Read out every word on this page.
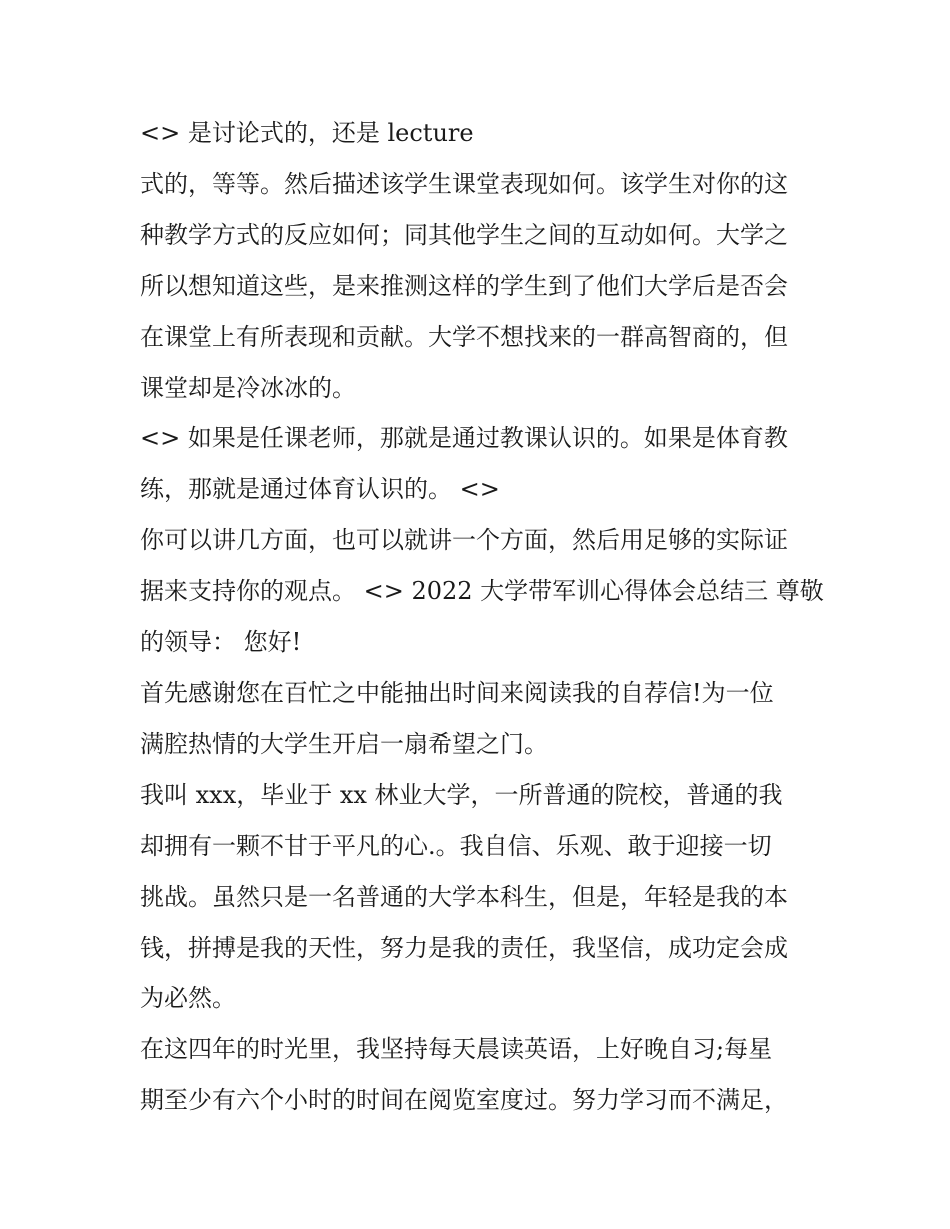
<> 是讨论式的，还是 lecture

式的，等等。然后描述该学生课堂表现如何。该学生对你的这
种教学方式的反应如何；同其他学生之间的互动如何。大学之
所以想知道这些，是来推测这样的学生到了他们大学后是否会
在课堂上有所表现和贡献。大学不想找来的一群高智商的，但
课堂却是冷冰冰的。

<> 如果是任课老师，那就是通过教课认识的。如果是体育教
练，那就是通过体育认识的。 <>

你可以讲几方面，也可以就讲一个方面，然后用足够的实际证
据来支持你的观点。 <> 2022 大学带军训心得体会总结三 尊敬
的领导： 您好!

首先感谢您在百忙之中能抽出时间来阅读我的自荐信!为一位
满腔热情的大学生开启一扇希望之门。

我叫 xxx，毕业于 xx 林业大学，一所普通的院校，普通的我
却拥有一颗不甘于平凡的心.。我自信、乐观、敢于迎接一切
挑战。虽然只是一名普通的大学本科生，但是，年轻是我的本
钱，拼搏是我的天性，努力是我的责任，我坚信，成功定会成
为必然。

在这四年的时光里，我坚持每天晨读英语，上好晚自习;每星
期至少有六个小时的时间在阅览室度过。努力学习而不满足，
